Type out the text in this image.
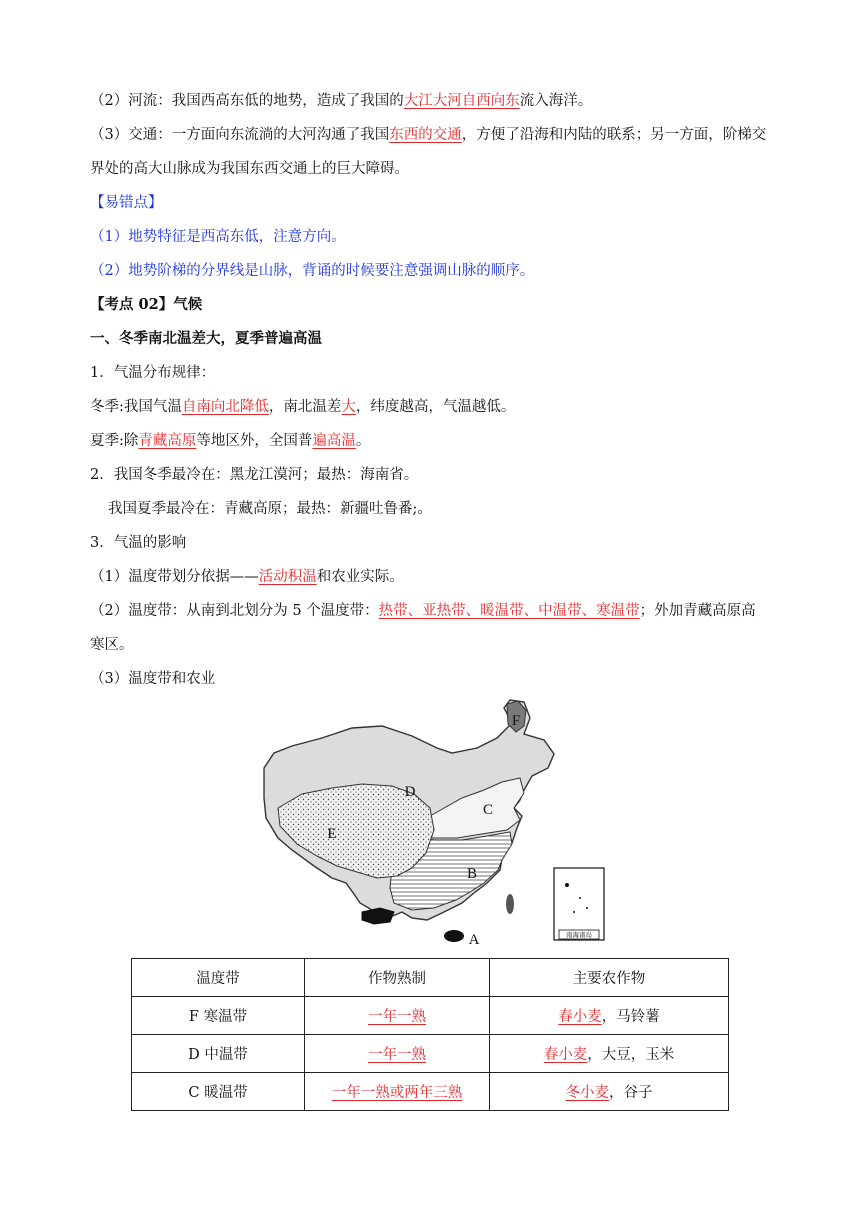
（2）河流：我国西高东低的地势，造成了我国的大江大河自西向东流入海洋。
（3）交通：一方面向东流淌的大河沟通了我国东西的交通，方便了沿海和内陆的联系；另一方面，阶梯交界处的高大山脉成为我国东西交通上的巨大障碍。
【易错点】
（1）地势特征是西高东低，注意方向。
（2）地势阶梯的分界线是山脉，背诵的时候要注意强调山脉的顺序。
【考点 02】气候
一、冬季南北温差大，夏季普遍高温
1．气温分布规律：
冬季:我国气温自南向北降低，南北温差大，纬度越高，气温越低。
夏季:除青藏高原等地区外，全国普遍高温。
2．我国冬季最冷在：黑龙江漠河；最热：海南省。
我国夏季最冷在：青藏高原；最热：新疆吐鲁番;。
3．气温的影响
（1）温度带划分依据——活动积温和农业实际。
（2）温度带：从南到北划分为 5 个温度带：热带、亚热带、暖温带、中温带、寒温带；外加青藏高原高寒区。
（3）温度带和农业
南海诸岛
F
D
C
E
B
A
温度带	作物熟制	主要农作物
F 寒温带	一年一熟	春小麦，马铃薯
D 中温带	一年一熟	春小麦，大豆，玉米
C 暖温带	一年一熟或两年三熟	冬小麦，谷子
